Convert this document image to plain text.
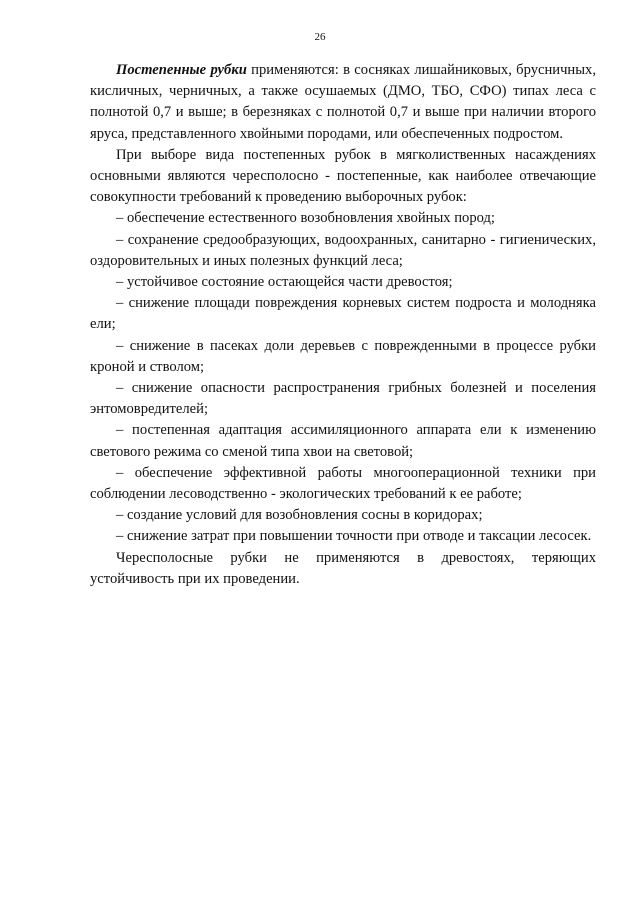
26

Постепенные рубки применяются: в сосняках лишайниковых, брусничных, кисличных, черничных, а также осушаемых (ДМО, ТБО, СФО) типах леса с полнотой 0,7 и выше; в березняках с полнотой 0,7 и выше при наличии второго яруса, представленного хвойными породами, или обеспеченных подростом.

При выборе вида постепенных рубок в мягколиственных насаждениях основными являются чересполосно - постепенные, как наиболее отвечающие совокупности требований к проведению выборочных рубок:

– обеспечение естественного возобновления хвойных пород;

– сохранение средообразующих, водоохранных, санитарно - гигиенических, оздоровительных и иных полезных функций леса;

– устойчивое состояние остающейся части древостоя;

– снижение площади повреждения корневых систем подроста и молодняка ели;

– снижение в пасеках доли деревьев с поврежденными в процессе рубки кроной и стволом;

– снижение опасности распространения грибных болезней и поселения энтомовредителей;

– постепенная адаптация ассимиляционного аппарата ели к изменению светового режима со сменой типа хвои на световой;

– обеспечение эффективной работы многооперационной техники при соблюдении лесоводственно - экологических требований к ее работе;

– создание условий для возобновления сосны в коридорах;

– снижение затрат при повышении точности при отводе и таксации лесосек.

Чересполосные рубки не применяются в древостоях, теряющих устойчивость при их проведении.
